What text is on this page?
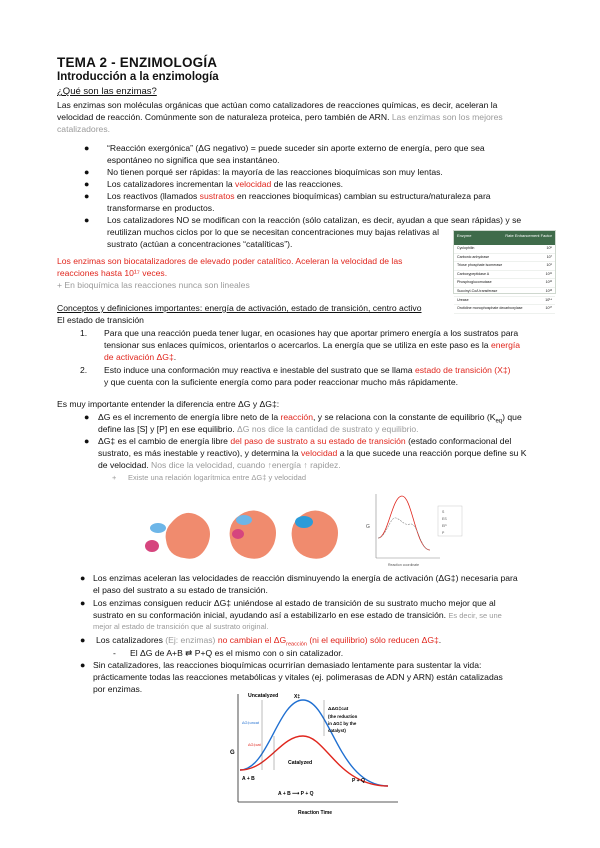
TEMA 2 - ENZIMOLOGÍA
Introducción a la enzimología
¿Qué son las enzimas?
Las enzimas son moléculas orgánicas que actúan como catalizadores de reacciones químicas, es decir, aceleran la
velocidad de reacción. Comúnmente son de naturaleza proteica, pero también de ARN. Las enzimas son los mejores
catalizadores.
● “Reacción exergónica” (ΔG negativo) = puede suceder sin aporte externo de energía, pero que sea
espontáneo no significa que sea instantáneo.
● No tienen porqué ser rápidas: la mayoría de las reacciones bioquímicas son muy lentas.
● Los catalizadores incrementan la velocidad de las reacciones.
● Los reactivos (llamados sustratos en reacciones bioquímicas) cambian su estructura/naturaleza para
transformarse en productos.
● Los catalizadores NO se modifican con la reacción (sólo catalizan, es decir, ayudan a que sean rápidas) y se
reutilizan muchos ciclos por lo que se necesitan concentraciones muy bajas relativas al
sustrato (actúan a concentraciones “catalíticas”).
Enzyme	Rate Enhancement Factor
Cyclophilin	10⁵
Carbonic anhydrase	10⁷
Triose phosphate isomerase	10⁹
Carboxypeptidase A	10¹¹
Phosphoglucomutase	10¹²
Succinyl-CoA transferase	10¹³
Urease	10¹⁴
Orotidine monophosphate decarboxylase	10¹⁷
Los enzimas son biocatalizadores de elevado poder catalítico. Aceleran la velocidad de las
reacciones hasta 10¹⁷ veces.
+ En bioquímica las reacciones nunca son lineales
Conceptos y definiciones importantes: energía de activación, estado de transición, centro activo
El estado de transición
1. Para que una reacción pueda tener lugar, en ocasiones hay que aportar primero energía a los sustratos para
tensionar sus enlaces químicos, orientarlos o acercarlos. La energía que se utiliza en este paso es la energía
de activación ΔG‡.
2. Esto induce una conformación muy reactiva e inestable del sustrato que se llama estado de transición (X‡)
y que cuenta con la suficiente energía como para poder reaccionar mucho más rápidamente.
Es muy importante entender la diferencia entre ΔG y ΔG‡:
● ΔG es el incremento de energía libre neto de la reacción, y se relaciona con la constante de equilibrio $(K_{eq})$ que
define las [S] y [P] en ese equilibrio. ΔG nos dice la cantidad de sustrato y equilibrio.
● ΔG‡ es el cambio de energía libre del paso de sustrato a su estado de transición (estado conformacional del
sustrato, es más inestable y reactivo), y determina la velocidad a la que sucede una reacción porque define su K
de velocidad. Nos dice la velocidad, cuando ↑energía ↑ rapidez.
+ Existe una relación logarítmica entre ΔG‡ y velocidad
G
Reaction coordinate
S
ES
EP
P
● Los enzimas aceleran las velocidades de reacción disminuyendo la energía de activación (ΔG‡) necesaria para
el paso del sustrato a su estado de transición.
● Los enzimas consiguen reducir ΔG‡ uniéndose al estado de transición de su sustrato mucho mejor que al
sustrato en su conformación inicial, ayudando así a estabilizarlo en ese estado de transición. Es decir, se une
mejor al estado de transición que al sustrato original.
● Los catalizadores (Ej: enzimas) no cambian el $\Delta G_{reacción}$ (ni el equilibrio) sólo reducen ΔG‡.
- El ΔG de A+B ⇄ P+Q es el mismo con o sin catalizador.
● Sin catalizadores, las reacciones bioquímicas ocurrirían demasiado lentamente para sustentar la vida:
prácticamente todas las reacciones metabólicas y vitales (ej. polimerasas de ADN y ARN) están catalizadas
por enzimas.
G
Reaction Time
Uncatalyzed	X‡
ΔG‡uncat
ΔG‡cat
Catalyzed
ΔΔG‡cat
(the reduction
in ΔG‡ by the
catalyst)
A + B	P + Q
A + B ⟶ P + Q
